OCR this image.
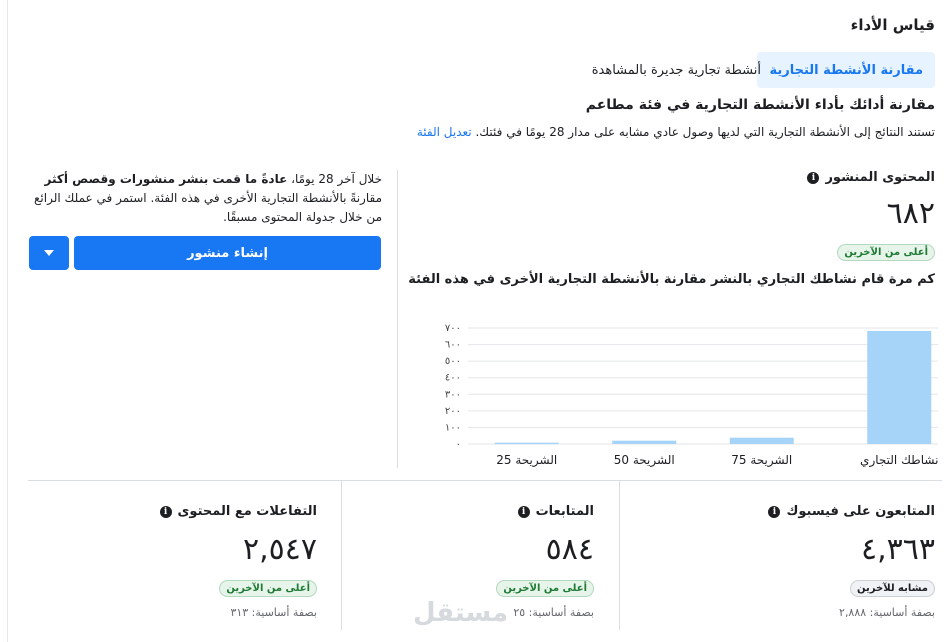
قياس الأداء
مقارنة الأنشطة التجارية
أنشطة تجارية جديرة بالمشاهدة
مقارنة أدائك بأداء الأنشطة التجارية في فئة مطاعم
تستند النتائج إلى الأنشطة التجارية التي لديها وصول عادي مشابه على مدار 28 يومًا في فئتك. تعديل الفئة
المحتوى المنشور
i
٦٨٢
أعلى من الآخرين
كم مرة قام نشاطك التجاري بالنشر مقارنة بالأنشطة التجارية الأخرى في هذه الفئة
٠
١٠٠
٢٠٠
٣٠٠
٤٠٠
٥٠٠
٦٠٠
٧٠٠
نشاطك التجاري
الشريحة 75
الشريحة 50
الشريحة 25
خلال آخر 28 يومًا، عادةً ما قمت بنشر منشورات وقصص أكثر مقارنةً بالأنشطة التجارية الأخرى في هذه الفئة. استمر في عملك الرائع من خلال جدولة المحتوى مسبقًا.
إنشاء منشور
المتابعون على فيسبوك
i
٤,٣٦٣
مشابه للآخرين
بصفة أساسية: ٢,٨٨٨
المتابعات
i
٥٨٤
أعلى من الآخرين
بصفة أساسية: ٢٥
التفاعلات مع المحتوى
i
٢,٥٤٧
أعلى من الآخرين
بصفة أساسية: ٣١٣	مستقل
